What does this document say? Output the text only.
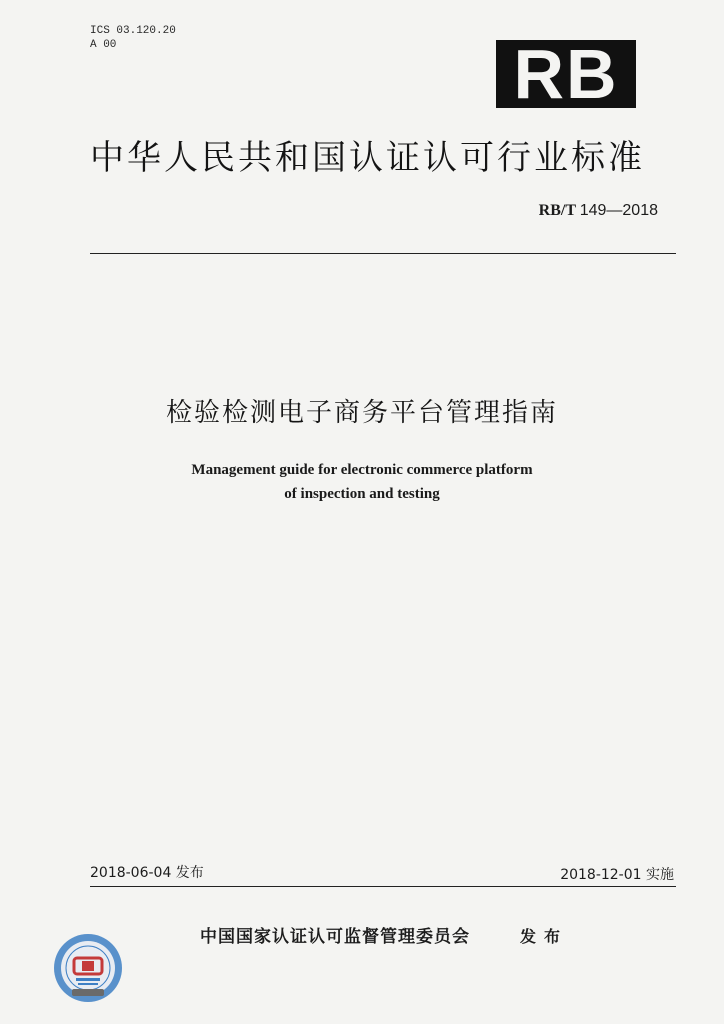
ICS 03.120.20
A 00	RB
中华人民共和国认证认可行业标准
RB/T 149—2018
检验检测电子商务平台管理指南
Management guide for electronic commerce platform
of inspection and testing
2018-06-04 发布	2018-12-01 实施
中国国家认证认可监督管理委员会	发布
